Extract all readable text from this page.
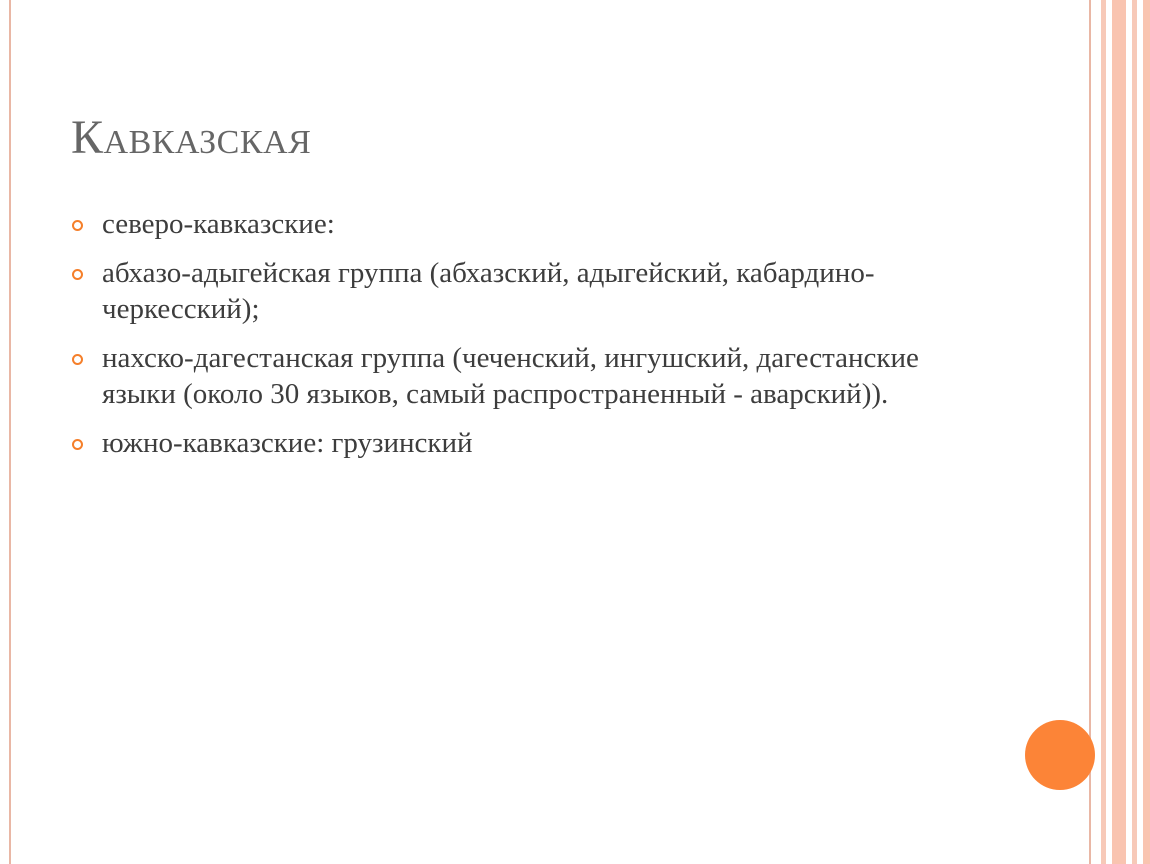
Кавказская
северо-кавказские:
абхазо-адыгейская группа (абхазский, адыгейский, кабардино-черкесский);
нахско-дагестанская группа (чеченский, ингушский, дагестанские языки (около 30 языков, самый распространенный - аварский)).
южно-кавказские: грузинский
